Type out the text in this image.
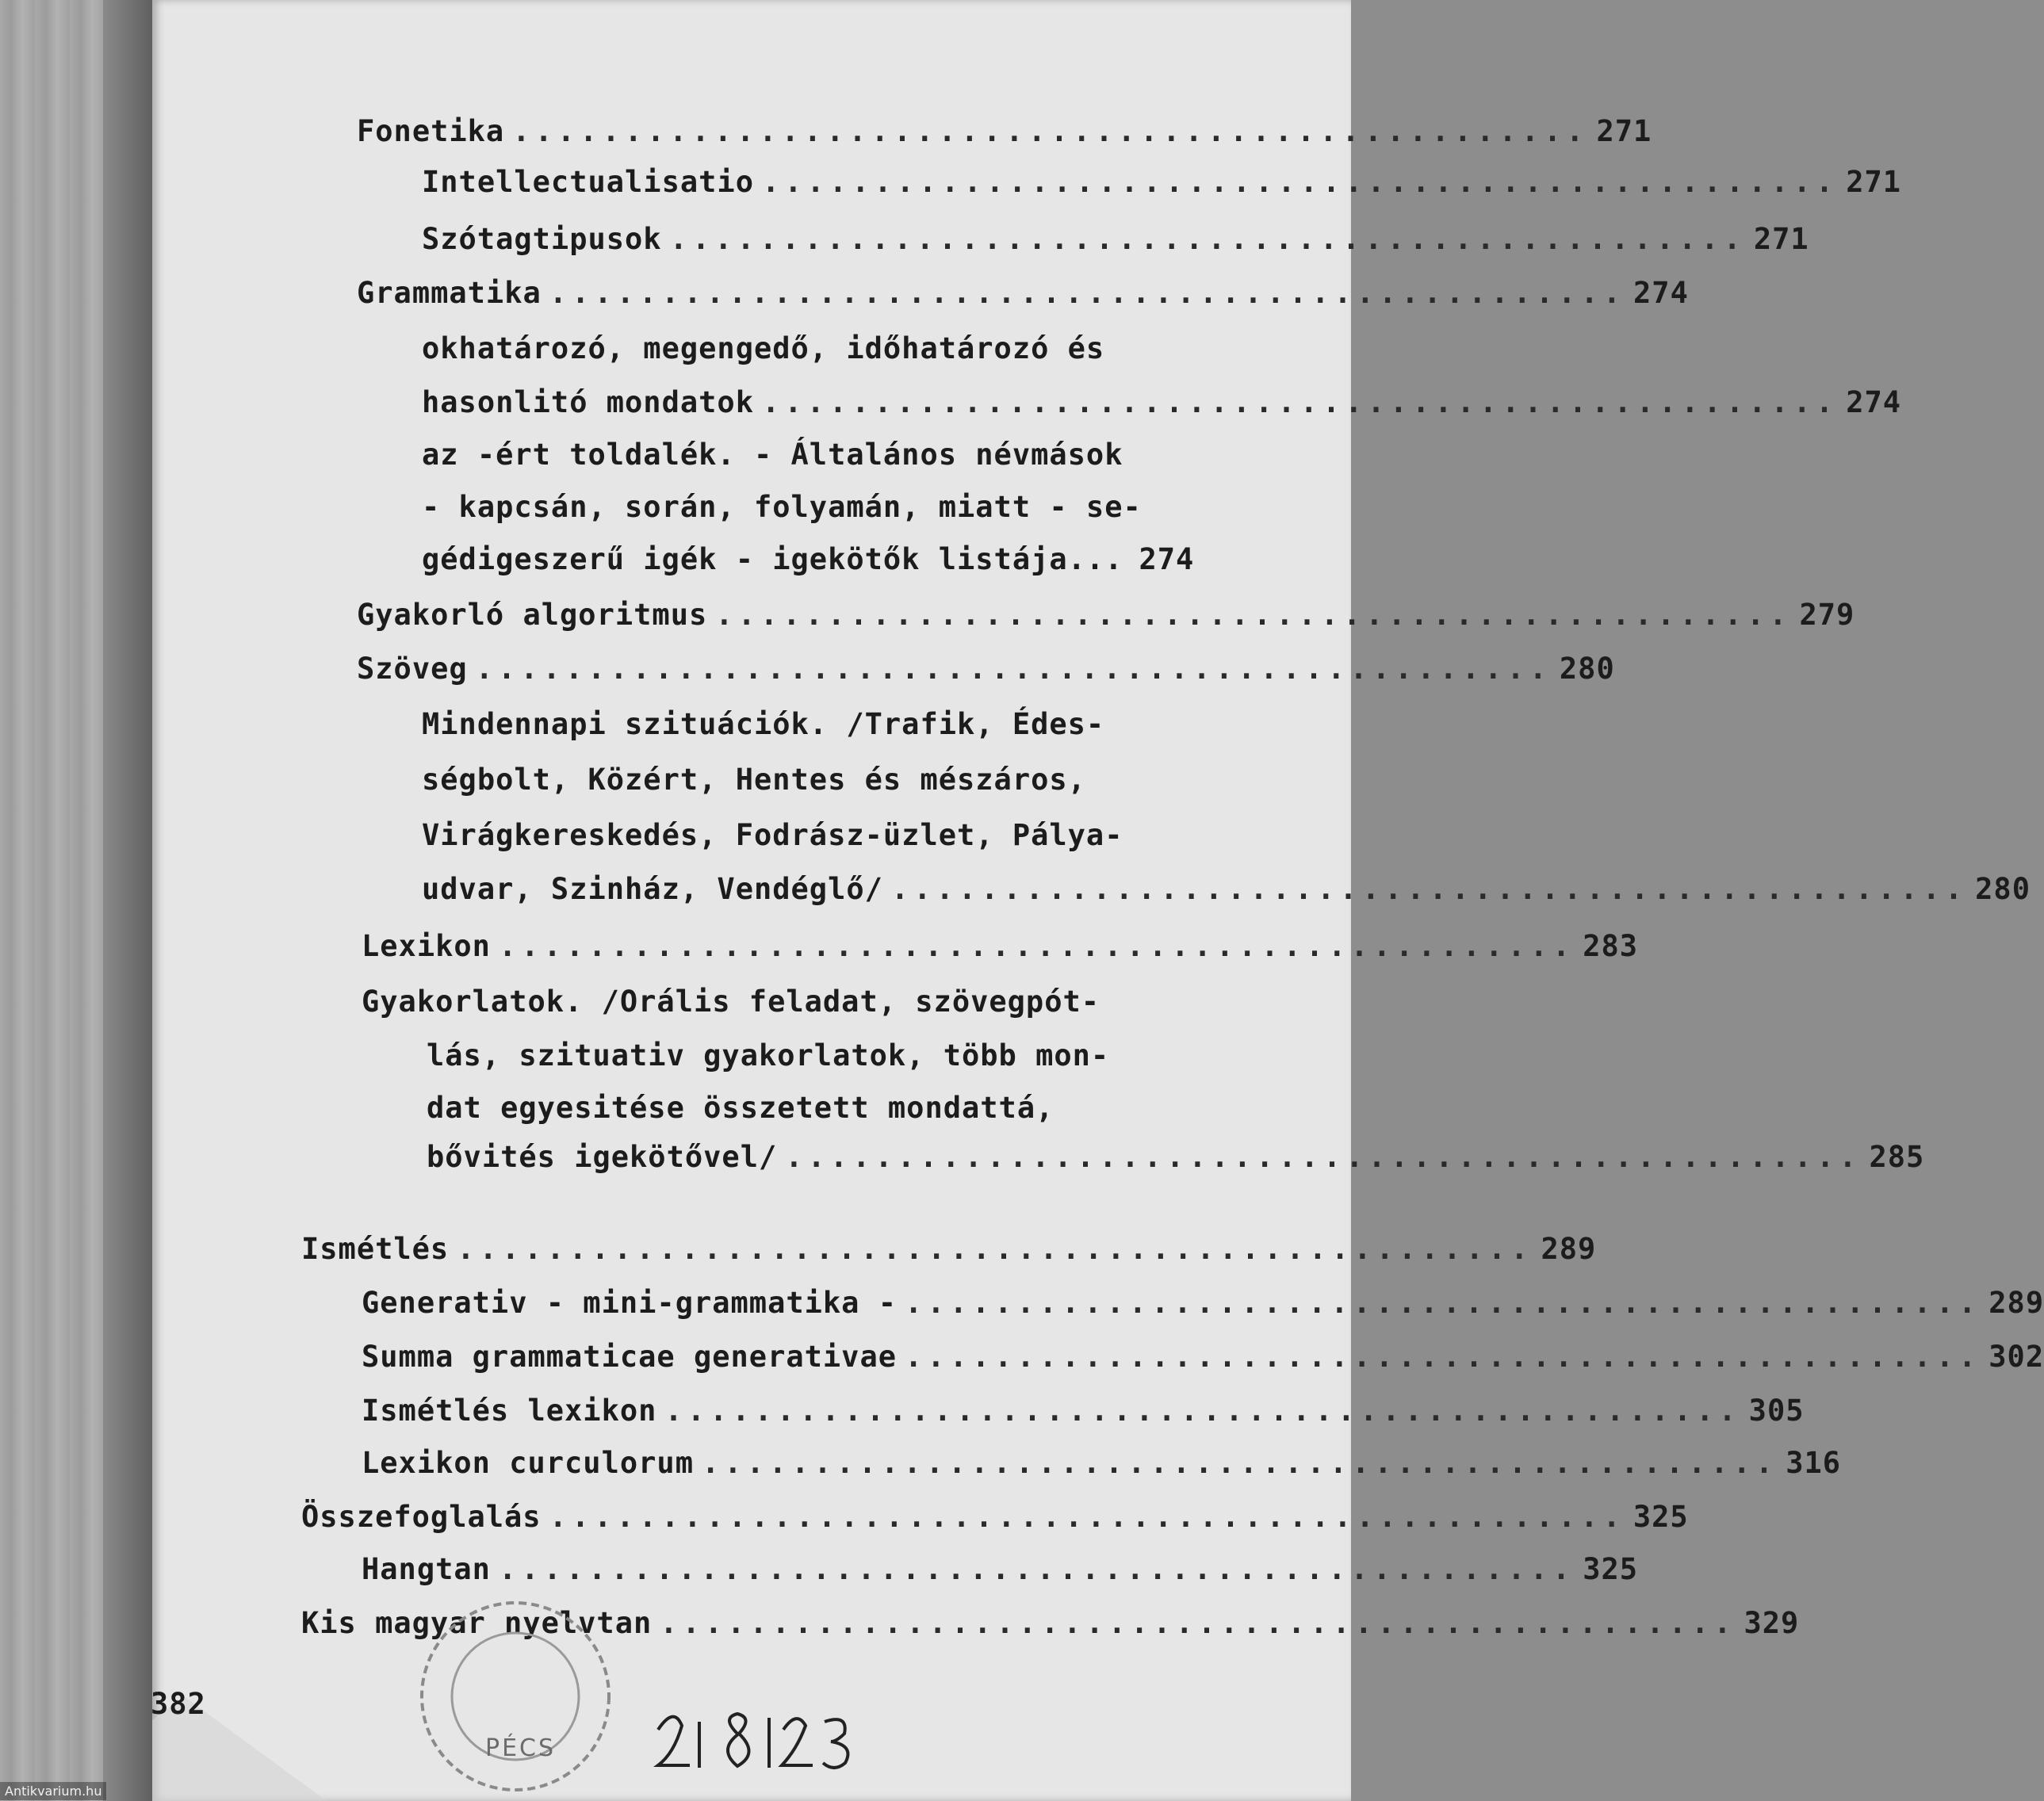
Fonetika ................................................ 271
Intellectualisatio ................................................ 271
Szótagtipusok ................................................ 271
Grammatika ................................................ 274
okhatározó, megengedő, időhatározó és
hasonlitó mondatok ................................................ 274
az -ért toldalék. - Általános névmások
- kapcsán, során, folyamán, miatt - se-
gédigeszerű igék - igekötők listája... 274
Gyakorló algoritmus ................................................ 279
Szöveg ................................................ 280
Mindennapi szituációk. /Trafik, Édes-
ségbolt, Közért, Hentes és mészáros,
Virágkereskedés, Fodrász-üzlet, Pálya-
udvar, Szinház, Vendéglő/ ................................................ 280
Lexikon ................................................ 283
Gyakorlatok. /Orális feladat, szövegpót-
lás, szituativ gyakorlatok, több mon-
dat egyesitése összetett mondattá,
bővités igekötővel/ ................................................ 285
Ismétlés ................................................ 289
Generativ - mini-grammatika - ................................................ 289
Summa grammaticae generativae ................................................ 302
Ismétlés lexikon ................................................ 305
Lexikon curculorum ................................................ 316
Összefoglalás ................................................ 325
Hangtan ................................................ 325
Kis magyar nyelvtan ................................................ 329
382
PÉCS
Antikvarium.hu
